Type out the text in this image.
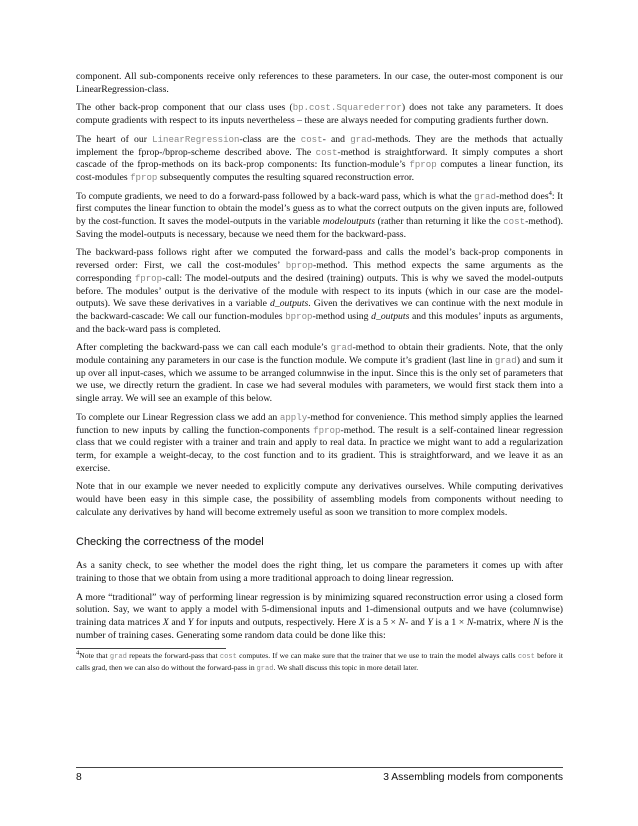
component. All sub-components receive only references to these parameters. In our case, the outer-most component is our LinearRegression-class.

The other back-prop component that our class uses (bp.cost.Squarederror) does not take any parameters. It does compute gradients with respect to its inputs nevertheless – these are always needed for computing gradients further down.

The heart of our LinearRegression-class are the cost- and grad-methods. They are the methods that actually implement the fprop-/bprop-scheme described above. The cost-method is straightforward. It simply computes a short cascade of the fprop-methods on its back-prop components: Its function-module’s fprop computes a linear function, its cost-modules fprop subsequently computes the resulting squared reconstruction error.

To compute gradients, we need to do a forward-pass followed by a back-ward pass, which is what the grad-method does$^4$: It first computes the linear function to obtain the model’s guess as to what the correct outputs on the given inputs are, followed by the cost-function. It saves the model-outputs in the variable modeloutputs (rather than returning it like the cost-method). Saving the model-outputs is necessary, because we need them for the backward-pass.

The backward-pass follows right after we computed the forward-pass and calls the model’s back-prop components in reversed order: First, we call the cost-modules’ bprop-method. This method expects the same arguments as the corresponding fprop-call: The model-outputs and the desired (training) outputs. This is why we saved the model-outputs before. The modules’ output is the derivative of the module with respect to its inputs (which in our case are the model-outputs). We save these derivatives in a variable d_outputs. Given the derivatives we can continue with the next module in the backward-cascade: We call our function-modules bprop-method using d_outputs and this modules’ inputs as arguments, and the back-ward pass is completed.

After completing the backward-pass we can call each module’s grad-method to obtain their gradients. Note, that the only module containing any parameters in our case is the function module. We compute it’s gradient (last line in grad) and sum it up over all input-cases, which we assume to be arranged columnwise in the input. Since this is the only set of parameters that we use, we directly return the gradient. In case we had several modules with parameters, we would first stack them into a single array. We will see an example of this below.

To complete our Linear Regression class we add an apply-method for convenience. This method simply applies the learned function to new inputs by calling the function-components fprop-method. The result is a self-contained linear regression class that we could register with a trainer and train and apply to real data. In practice we might want to add a regularization term, for example a weight-decay, to the cost function and to its gradient. This is straightforward, and we leave it as an exercise.

Note that in our example we never needed to explicitly compute any derivatives ourselves. While computing derivatives would have been easy in this simple case, the possibility of assembling models from components without needing to calculate any derivatives by hand will become extremely useful as soon we transition to more complex models.

Checking the correctness of the model

As a sanity check, to see whether the model does the right thing, let us compare the parameters it comes up with after training to those that we obtain from using a more traditional approach to doing linear regression.

A more “traditional” way of performing linear regression is by minimizing squared reconstruction error using a closed form solution. Say, we want to apply a model with 5-dimensional inputs and 1-dimensional outputs and we have (columnwise) training data matrices X and Y for inputs and outputs, respectively. Here X is a 5 × N- and Y is a 1 × N-matrix, where N is the number of training cases. Generating some random data could be done like this:

4Note that grad repeats the forward-pass that cost computes. If we can make sure that the trainer that we use to train the model always calls cost before it calls grad, then we can also do without the forward-pass in grad. We shall discuss this topic in more detail later.
8	3 Assembling models from components
